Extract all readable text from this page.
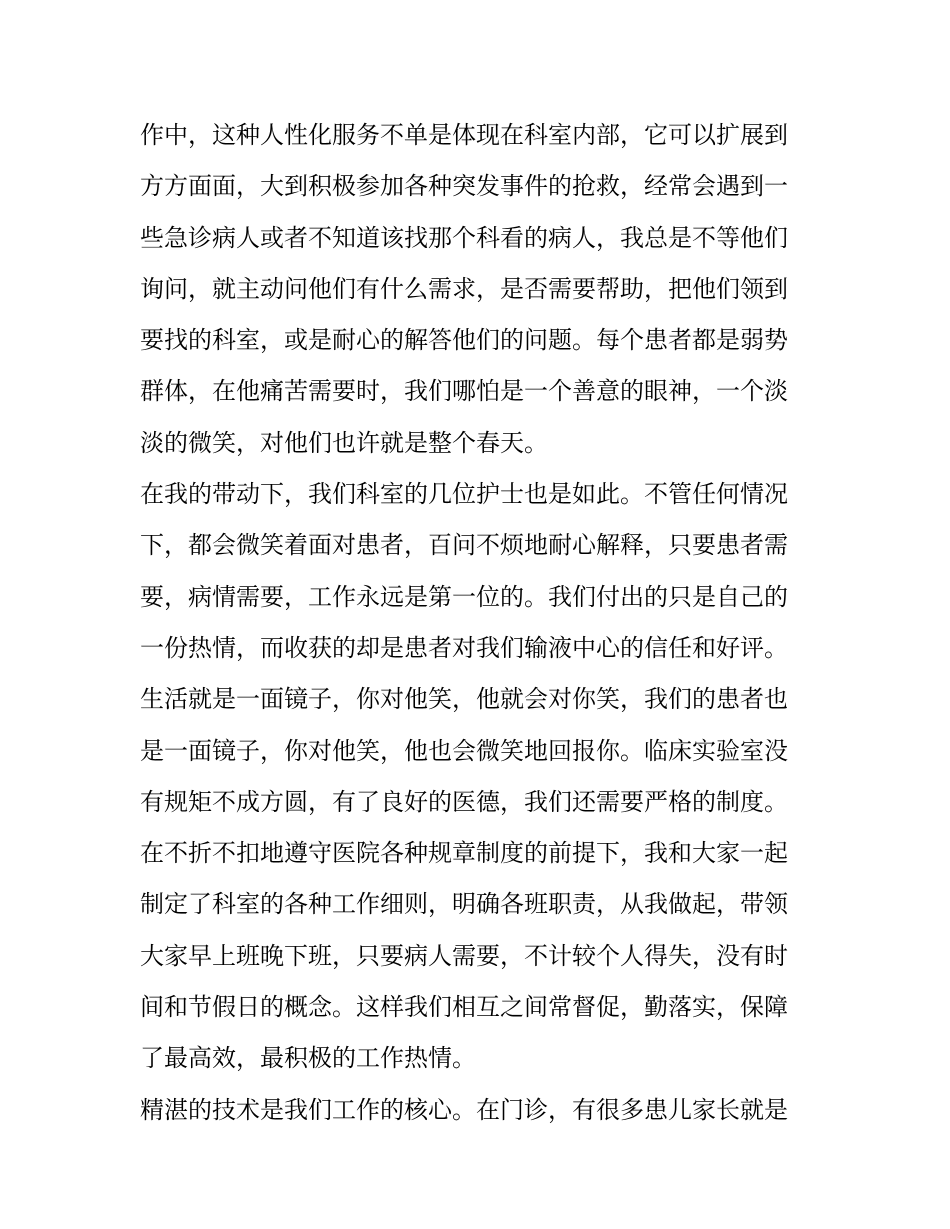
作中，这种人性化服务不单是体现在科室内部，它可以扩展到
方方面面，大到积极参加各种突发事件的抢救，经常会遇到一
些急诊病人或者不知道该找那个科看的病人，我总是不等他们
询问，就主动问他们有什么需求，是否需要帮助，把他们领到
要找的科室，或是耐心的解答他们的问题。每个患者都是弱势
群体，在他痛苦需要时，我们哪怕是一个善意的眼神，一个淡
淡的微笑，对他们也许就是整个春天。
在我的带动下，我们科室的几位护士也是如此。不管任何情况
下，都会微笑着面对患者，百问不烦地耐心解释，只要患者需
要，病情需要，工作永远是第一位的。我们付出的只是自己的
一份热情，而收获的却是患者对我们输液中心的信任和好评。
生活就是一面镜子，你对他笑，他就会对你笑，我们的患者也
是一面镜子，你对他笑，他也会微笑地回报你。临床实验室没
有规矩不成方圆，有了良好的医德，我们还需要严格的制度。
在不折不扣地遵守医院各种规章制度的前提下，我和大家一起
制定了科室的各种工作细则，明确各班职责，从我做起，带领
大家早上班晚下班，只要病人需要，不计较个人得失，没有时
间和节假日的概念。这样我们相互之间常督促，勤落实，保障
了最高效，最积极的工作热情。
精湛的技术是我们工作的核心。在门诊，有很多患儿家长就是
